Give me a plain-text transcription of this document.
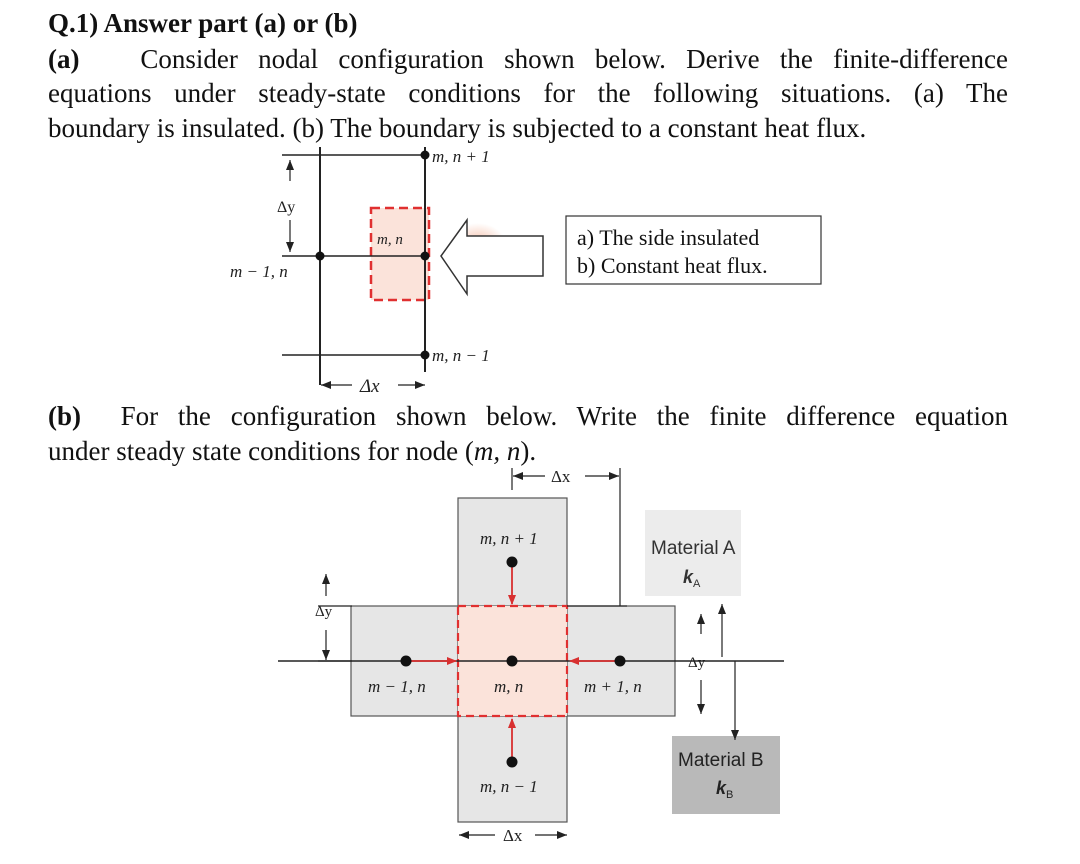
Q.1) Answer part (a) or (b)
(a) Consider nodal configuration shown below. Derive the finite-difference
equations under steady-state conditions for the following situations. (a) The
boundary is insulated. (b) The boundary is subjected to a constant heat flux.
(b) For the configuration shown below. Write the finite difference equation
under steady state conditions for node (m, n).
Δy
Δx
m, n + 1
m, n
m − 1, n
m, n − 1
Δy
Δy
Δx
Δx
m, n + 1
m, n
m − 1, n	m + 1, n
m, n − 1
Material A
k A
Material B
k B
a) The side insulated
b) Constant heat flux.
